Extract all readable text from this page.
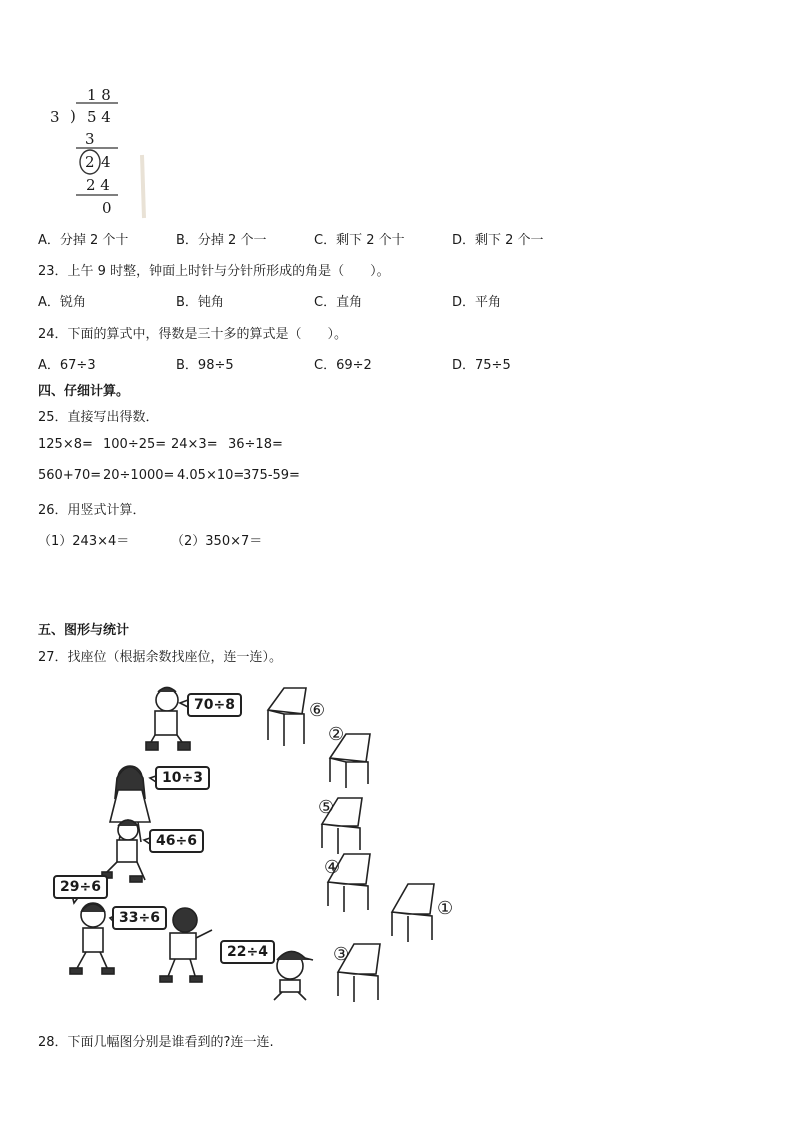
1 8
3 ) 5 4
3
2 4
2 4
0
A．分掉 2 个十	B．分掉 2 个一	C．剩下 2 个十	D．剩下 2 个一
23．上午 9 时整，钟面上时针与分针所形成的角是（　　）。
A．锐角	B．钝角	C．直角	D．平角
24．下面的算式中，得数是三十多的算式是（　　）。
A．67÷3	B．98÷5	C．69÷2	D．75÷5
四、仔细计算。
25．直接写出得数．
125×8= 100÷25= 24×3= 36÷18=
560+70= 20÷1000= 4.05×10=
375-59=
26．用竖式计算．
（1）243×4＝	（2）350×7＝
五、图形与统计
27．找座位（根据余数找座位，连一连）。
70÷8
10÷3
46÷6
29÷6
33÷6
22÷4
⑥
②
⑤
④
①
③
28．下面几幅图分别是谁看到的?连一连.
